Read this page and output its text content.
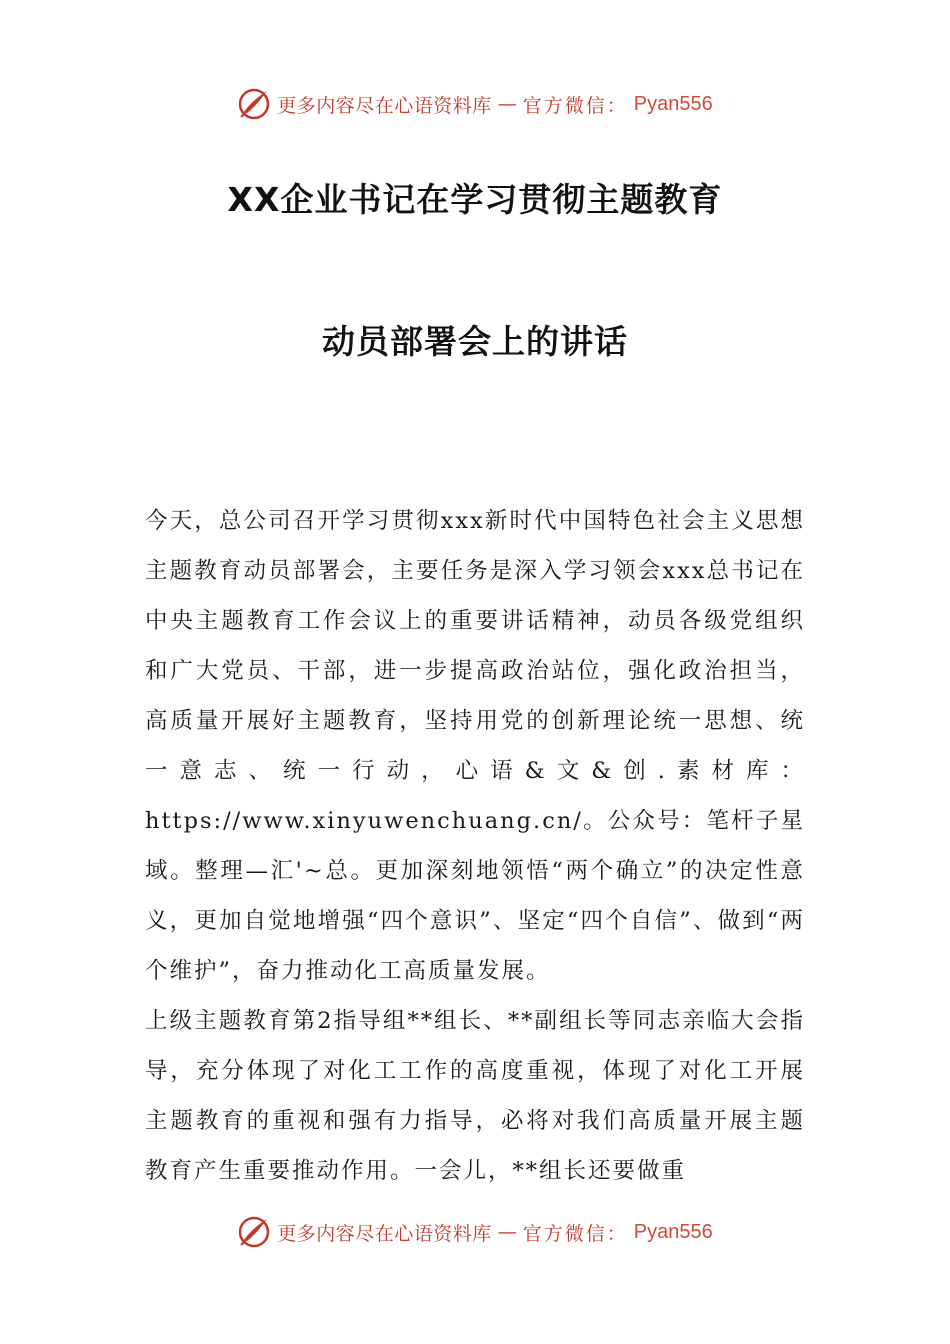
更多内容尽在心语资料库 — 官方微信： Pyan556
XX企业书记在学习贯彻主题教育
动员部署会上的讲话

今天，总公司召开学习贯彻xxx新时代中国特色社会主义思想主题教育动员部署会，主要任务是深入学习领会xxx总书记在中央主题教育工作会议上的重要讲话精神，动员各级党组织和广大党员、干部，进一步提高政治站位，强化政治担当，高质量开展好主题教育，坚持用党的创新理论统一思想、统一意志、统一行动，心语&文&创.素材库：https://www.xinyuwenchuang.cn/。公众号：笔杆子星域。整理—汇'~总。更加深刻地领悟“两个确立”的决定性意义，更加自觉地增强“四个意识”、坚定“四个自信”、做到“两个维护”，奋力推动化工高质量发展。

上级主题教育第2指导组**组长、**副组长等同志亲临大会指导，充分体现了对化工工作的高度重视，体现了对化工开展主题教育的重视和强有力指导，必将对我们高质量开展主题教育产生重要推动作用。一会儿，**组长还要做重

更多内容尽在心语资料库 — 官方微信： Pyan556
